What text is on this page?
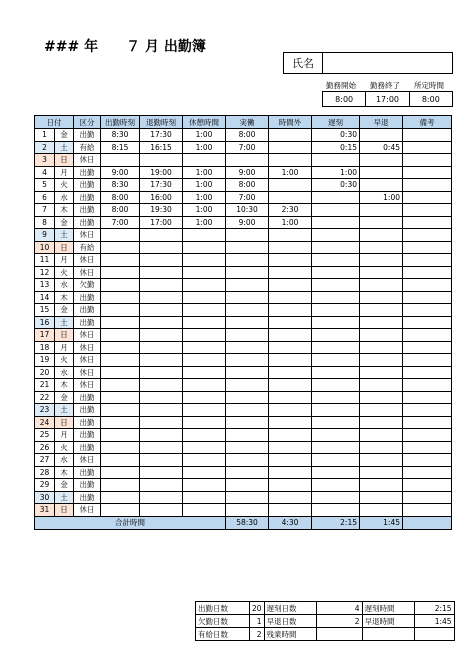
### 年　　７ 月 出勤簿
氏名
勤務開始	勤務終了	所定時間
8:00	17:00	8:00
日付		区分	出勤時刻	退勤時刻	休憩時間	実働	時間外	遅刻	早退	備考
1	金	出勤	8:30	17:30	1:00	8:00		0:30		
2	土	有給	8:15	16:15	1:00	7:00		0:15	0:45	
3	日	休日								
4	月	出勤	9:00	19:00	1:00	9:00	1:00	1:00		
5	火	出勤	8:30	17:30	1:00	8:00		0:30		
6	水	出勤	8:00	16:00	1:00	7:00			1:00	
7	木	出勤	8:00	19:30	1:00	10:30	2:30			
8	金	出勤	7:00	17:00	1:00	9:00	1:00			
9	土	休日								
10	日	有給								
11	月	休日								
12	火	休日								
13	水	欠勤								
14	木	出勤								
15	金	出勤								
16	土	出勤								
17	日	休日								
18	月	休日								
19	火	休日								
20	水	休日								
21	木	休日								
22	金	出勤								
23	土	出勤								
24	日	出勤								
25	月	出勤								
26	火	出勤								
27	水	休日								
28	木	出勤								
29	金	出勤								
30	土	出勤								
31	日	休日								
合計時間						58:30	4:30	2:15	1:45	
出勤日数	20	遅刻日数	4	遅刻時間	2:15
欠勤日数	1	早退日数	2	早退時間	1:45
有給日数	2	残業時間			
